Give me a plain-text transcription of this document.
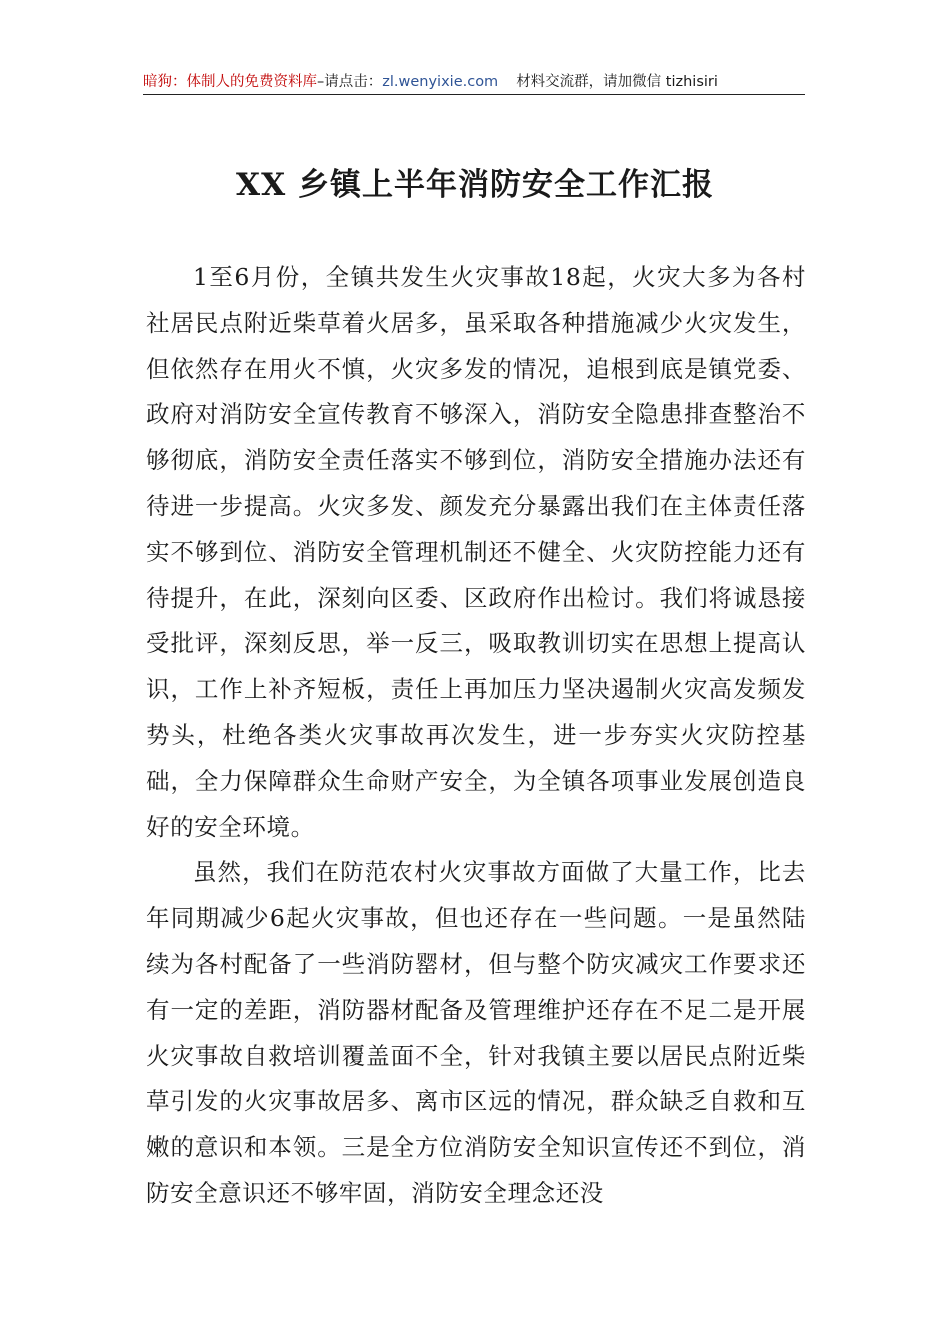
暗狗：体制人的免费资料库–请点击：zl.wenyixie.com 材料交流群，请加微信 tizhisiri
XX 乡镇上半年消防安全工作汇报

1至6月份，全镇共发生火灾事故18起，火灾大多为各村社居民点附近柴草着火居多，虽采取各种措施减少火灾发生，但依然存在用火不慎，火灾多发的情况，追根到底是镇党委、政府对消防安全宣传教育不够深入，消防安全隐患排查整治不够彻底，消防安全责任落实不够到位，消防安全措施办法还有待进一步提高。火灾多发、颜发充分暴露出我们在主体责任落实不够到位、消防安全管理机制还不健全、火灾防控能力还有待提升，在此，深刻向区委、区政府作出检讨。我们将诚恳接受批评，深刻反思，举一反三，吸取教训切实在思想上提高认识，工作上补齐短板，责任上再加压力坚决遏制火灾高发频发势头，杜绝各类火灾事故再次发生，进一步夯实火灾防控基础，全力保障群众生命财产安全，为全镇各项事业发展创造良好的安全环境。

虽然，我们在防范农村火灾事故方面做了大量工作，比去年同期减少6起火灾事故，但也还存在一些问题。一是虽然陆续为各村配备了一些消防罂材，但与整个防灾减灾工作要求还有一定的差距，消防器材配备及管理维护还存在不足二是开展火灾事故自救培训覆盖面不全，针对我镇主要以居民点附近柴草引发的火灾事故居多、离市区远的情况，群众缺乏自救和互嫩的意识和本领。三是全方位消防安全知识宣传还不到位，消防安全意识还不够牢固，消防安全理念还没
